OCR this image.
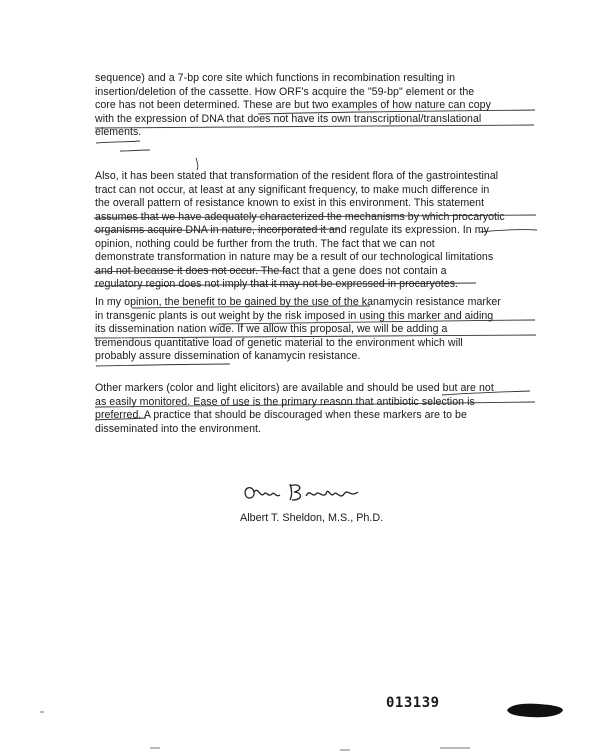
sequence) and a 7-bp core site which functions in recombination resulting in
insertion/deletion of the cassette. How ORF's acquire the "59-bp" element or the
core has not been determined. These are but two examples of how nature can copy
with the expression of DNA that does not have its own transcriptional/translational
elements.

Also, it has been stated that transformation of the resident flora of the gastrointestinal
tract can not occur, at least at any significant frequency, to make much difference in
the overall pattern of resistance known to exist in this environment. This statement
assumes that we have adequately characterized the mechanisms by which procaryotic
organisms acquire DNA in nature, incorporated it and regulate its expression. In my
opinion, nothing could be further from the truth. The fact that we can not
demonstrate transformation in nature may be a result of our technological limitations
and not because it does not occur. The fact that a gene does not contain a
regulatory region does not imply that it may not be expressed in procaryotes.

In my opinion, the benefit to be gained by the use of the kanamycin resistance marker
in transgenic plants is out weight by the risk imposed in using this marker and aiding
its dissemination nation wide. If we allow this proposal, we will be adding a
tremendous quantitative load of genetic material to the environment which will
probably assure dissemination of kanamycin resistance.

Other markers (color and light elicitors) are available and should be used but are not
as easily monitored. Ease of use is the primary reason that antibiotic selection is
preferred. A practice that should be discouraged when these markers are to be
disseminated into the environment.

Albert T. Sheldon, M.S., Ph.D.
013139
